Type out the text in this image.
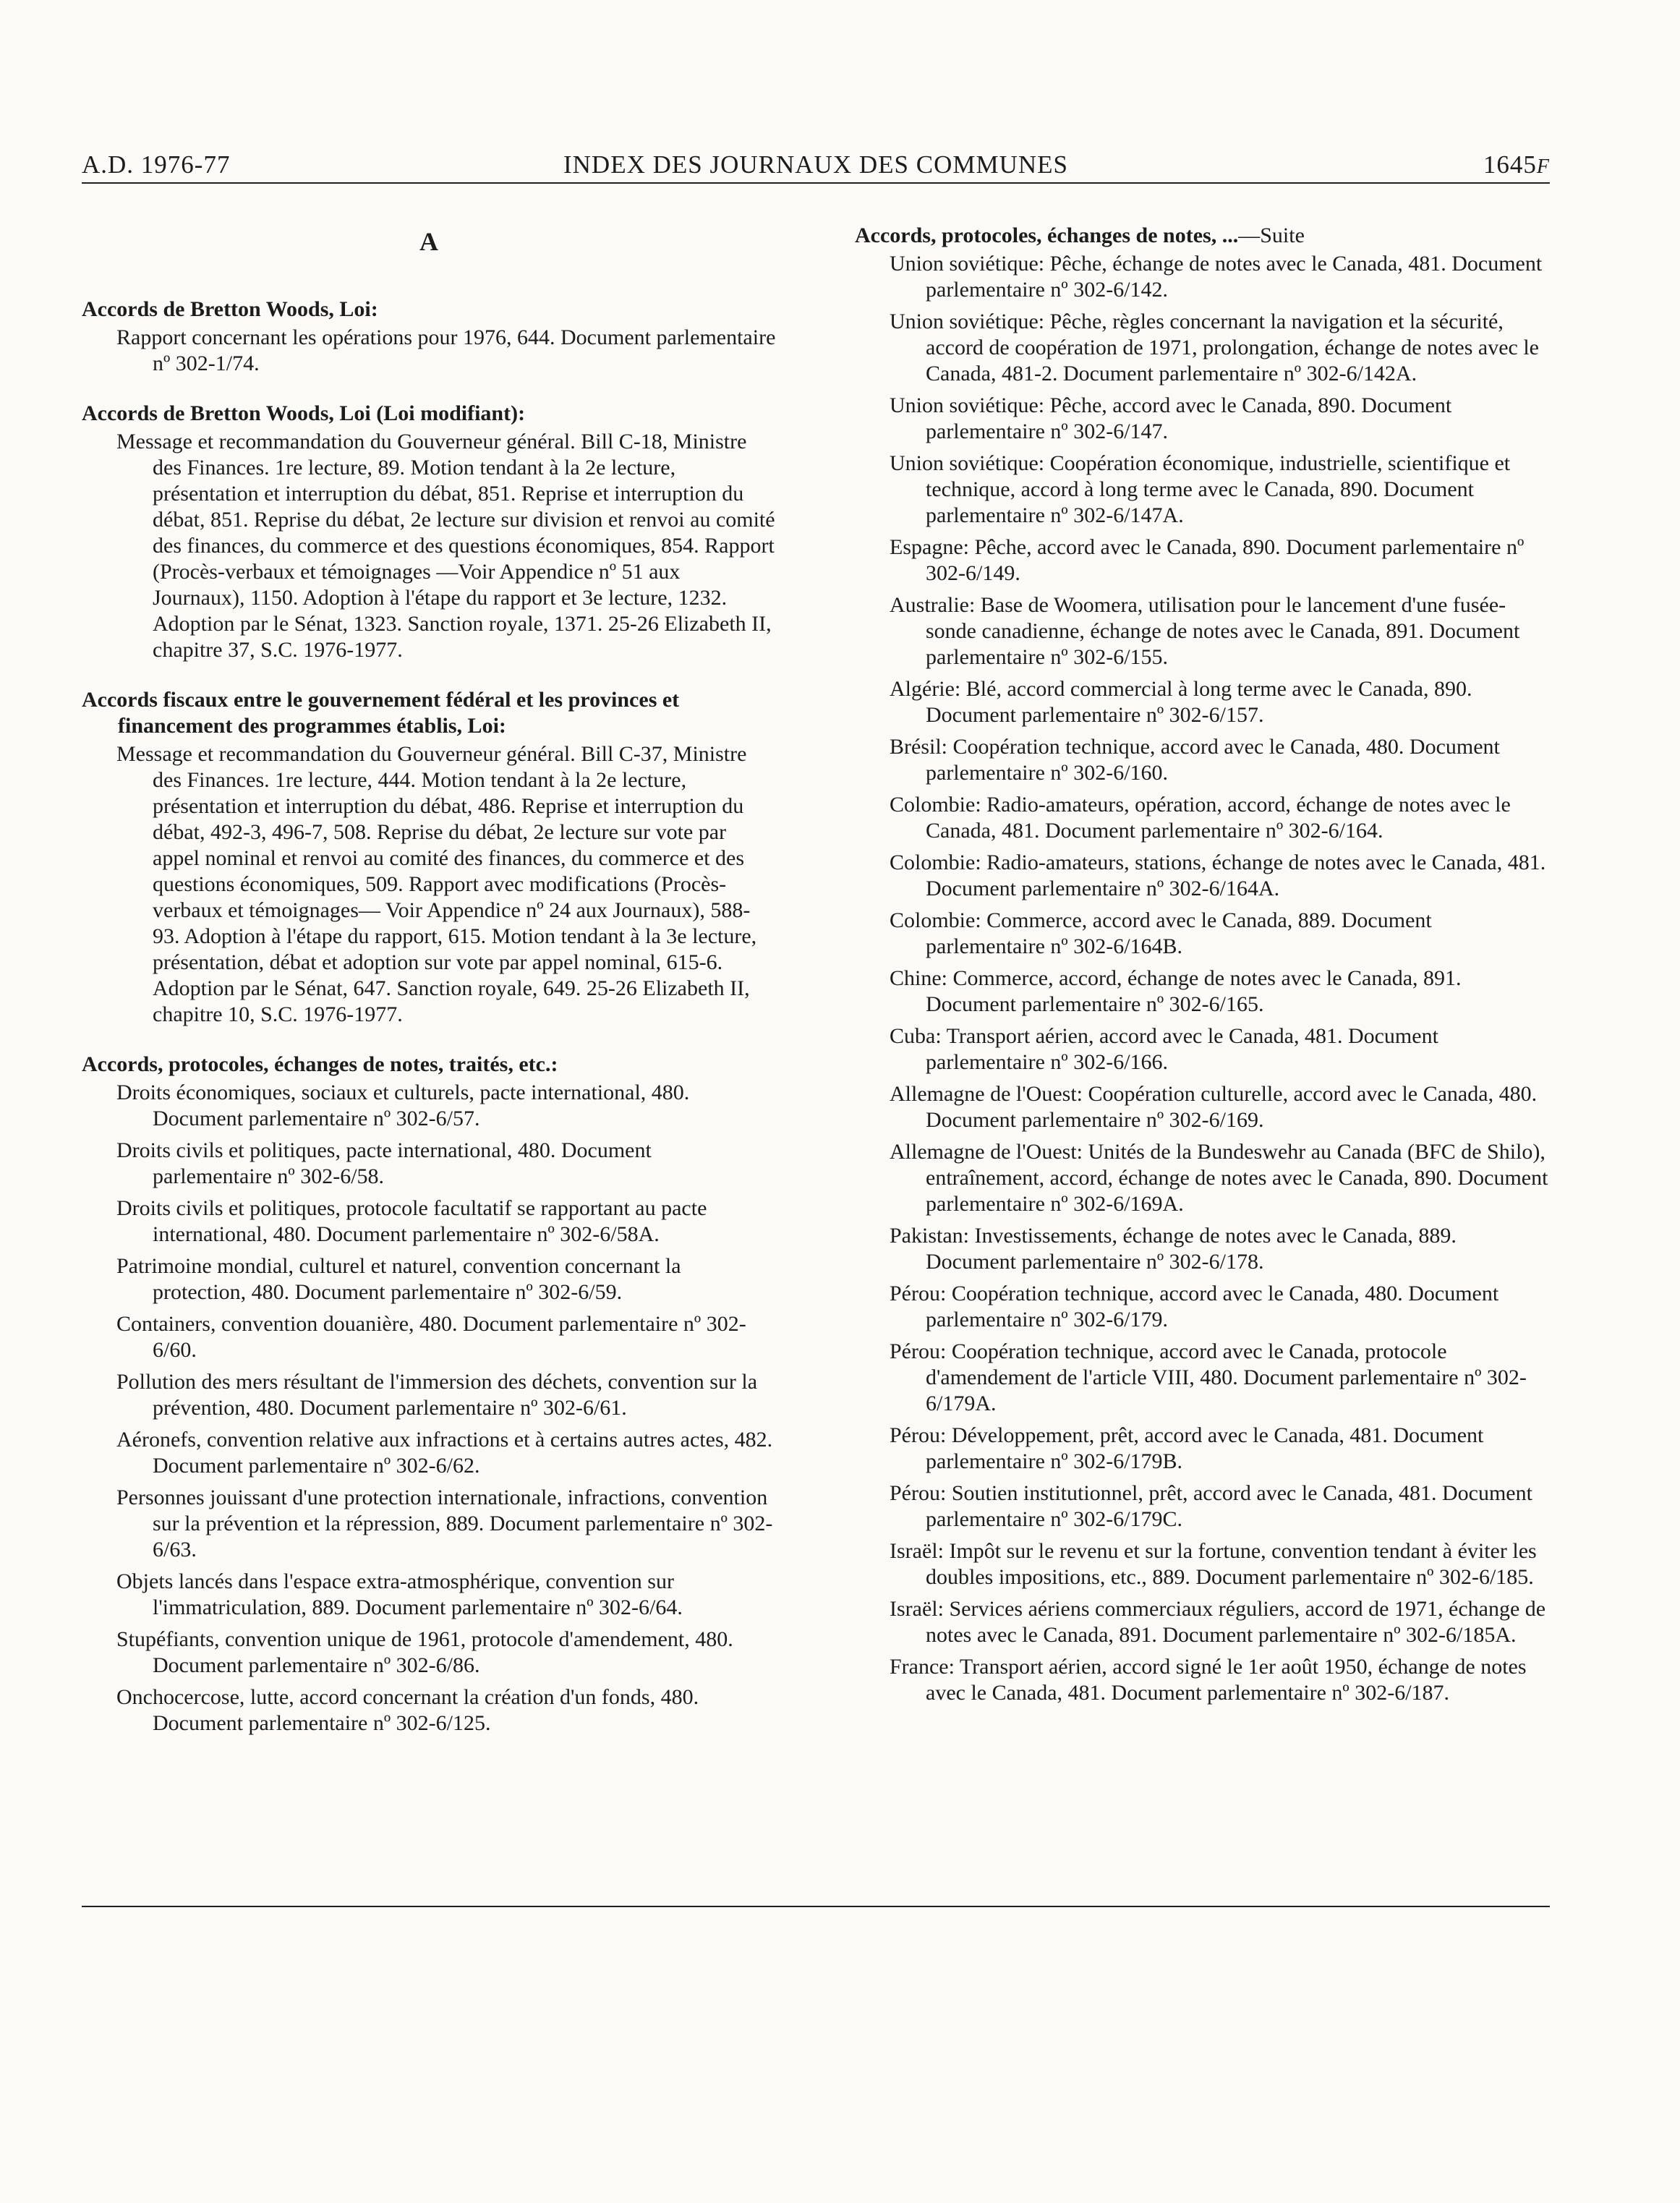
A.D. 1976-77	INDEX DES JOURNAUX DES COMMUNES	1645F
A
Accords de Bretton Woods, Loi:
Rapport concernant les opérations pour 1976, 644. Document parlementaire nº 302-1/74.
Accords de Bretton Woods, Loi (Loi modifiant):
Message et recommandation du Gouverneur général. Bill C-18, Ministre des Finances. 1re lecture, 89. Motion tendant à la 2e lecture, présentation et interruption du débat, 851. Reprise et interruption du débat, 851. Reprise du débat, 2e lecture sur division et renvoi au comité des finances, du commerce et des questions économiques, 854. Rapport (Procès-verbaux et témoignages —Voir Appendice nº 51 aux Journaux), 1150. Adoption à l'étape du rapport et 3e lecture, 1232. Adoption par le Sénat, 1323. Sanction royale, 1371. 25-26 Elizabeth II, chapitre 37, S.C. 1976-1977.
Accords fiscaux entre le gouvernement fédéral et les provinces et financement des programmes établis, Loi:
Message et recommandation du Gouverneur général. Bill C-37, Ministre des Finances. 1re lecture, 444. Motion tendant à la 2e lecture, présentation et interruption du débat, 486. Reprise et interruption du débat, 492-3, 496-7, 508. Reprise du débat, 2e lecture sur vote par appel nominal et renvoi au comité des finances, du commerce et des questions économiques, 509. Rapport avec modifications (Procès-verbaux et témoignages— Voir Appendice nº 24 aux Journaux), 588-93. Adoption à l'étape du rapport, 615. Motion tendant à la 3e lecture, présentation, débat et adoption sur vote par appel nominal, 615-6. Adoption par le Sénat, 647. Sanction royale, 649. 25-26 Elizabeth II, chapitre 10, S.C. 1976-1977.
Accords, protocoles, échanges de notes, traités, etc.:
Droits économiques, sociaux et culturels, pacte international, 480. Document parlementaire nº 302-6/57.
Droits civils et politiques, pacte international, 480. Document parlementaire nº 302-6/58.
Droits civils et politiques, protocole facultatif se rapportant au pacte international, 480. Document parlementaire nº 302-6/58A.
Patrimoine mondial, culturel et naturel, convention concernant la protection, 480. Document parlementaire nº 302-6/59.
Containers, convention douanière, 480. Document parlementaire nº 302-6/60.
Pollution des mers résultant de l'immersion des déchets, convention sur la prévention, 480. Document parlementaire nº 302-6/61.
Aéronefs, convention relative aux infractions et à certains autres actes, 482. Document parlementaire nº 302-6/62.
Personnes jouissant d'une protection internationale, infractions, convention sur la prévention et la répression, 889. Document parlementaire nº 302-6/63.
Objets lancés dans l'espace extra-atmosphérique, convention sur l'immatriculation, 889. Document parlementaire nº 302-6/64.
Stupéfiants, convention unique de 1961, protocole d'amendement, 480. Document parlementaire nº 302-6/86.
Onchocercose, lutte, accord concernant la création d'un fonds, 480. Document parlementaire nº 302-6/125.
Accords, protocoles, échanges de notes, ...—Suite
Union soviétique: Pêche, échange de notes avec le Canada, 481. Document parlementaire nº 302-6/142.
Union soviétique: Pêche, règles concernant la navigation et la sécurité, accord de coopération de 1971, prolongation, échange de notes avec le Canada, 481-2. Document parlementaire nº 302-6/142A.
Union soviétique: Pêche, accord avec le Canada, 890. Document parlementaire nº 302-6/147.
Union soviétique: Coopération économique, industrielle, scientifique et technique, accord à long terme avec le Canada, 890. Document parlementaire nº 302-6/147A.
Espagne: Pêche, accord avec le Canada, 890. Document parlementaire nº 302-6/149.
Australie: Base de Woomera, utilisation pour le lancement d'une fusée-sonde canadienne, échange de notes avec le Canada, 891. Document parlementaire nº 302-6/155.
Algérie: Blé, accord commercial à long terme avec le Canada, 890. Document parlementaire nº 302-6/157.
Brésil: Coopération technique, accord avec le Canada, 480. Document parlementaire nº 302-6/160.
Colombie: Radio-amateurs, opération, accord, échange de notes avec le Canada, 481. Document parlementaire nº 302-6/164.
Colombie: Radio-amateurs, stations, échange de notes avec le Canada, 481. Document parlementaire nº 302-6/164A.
Colombie: Commerce, accord avec le Canada, 889. Document parlementaire nº 302-6/164B.
Chine: Commerce, accord, échange de notes avec le Canada, 891. Document parlementaire nº 302-6/165.
Cuba: Transport aérien, accord avec le Canada, 481. Document parlementaire nº 302-6/166.
Allemagne de l'Ouest: Coopération culturelle, accord avec le Canada, 480. Document parlementaire nº 302-6/169.
Allemagne de l'Ouest: Unités de la Bundeswehr au Canada (BFC de Shilo), entraînement, accord, échange de notes avec le Canada, 890. Document parlementaire nº 302-6/169A.
Pakistan: Investissements, échange de notes avec le Canada, 889. Document parlementaire nº 302-6/178.
Pérou: Coopération technique, accord avec le Canada, 480. Document parlementaire nº 302-6/179.
Pérou: Coopération technique, accord avec le Canada, protocole d'amendement de l'article VIII, 480. Document parlementaire nº 302-6/179A.
Pérou: Développement, prêt, accord avec le Canada, 481. Document parlementaire nº 302-6/179B.
Pérou: Soutien institutionnel, prêt, accord avec le Canada, 481. Document parlementaire nº 302-6/179C.
Israël: Impôt sur le revenu et sur la fortune, convention tendant à éviter les doubles impositions, etc., 889. Document parlementaire nº 302-6/185.
Israël: Services aériens commerciaux réguliers, accord de 1971, échange de notes avec le Canada, 891. Document parlementaire nº 302-6/185A.
France: Transport aérien, accord signé le 1er août 1950, échange de notes avec le Canada, 481. Document parlementaire nº 302-6/187.
